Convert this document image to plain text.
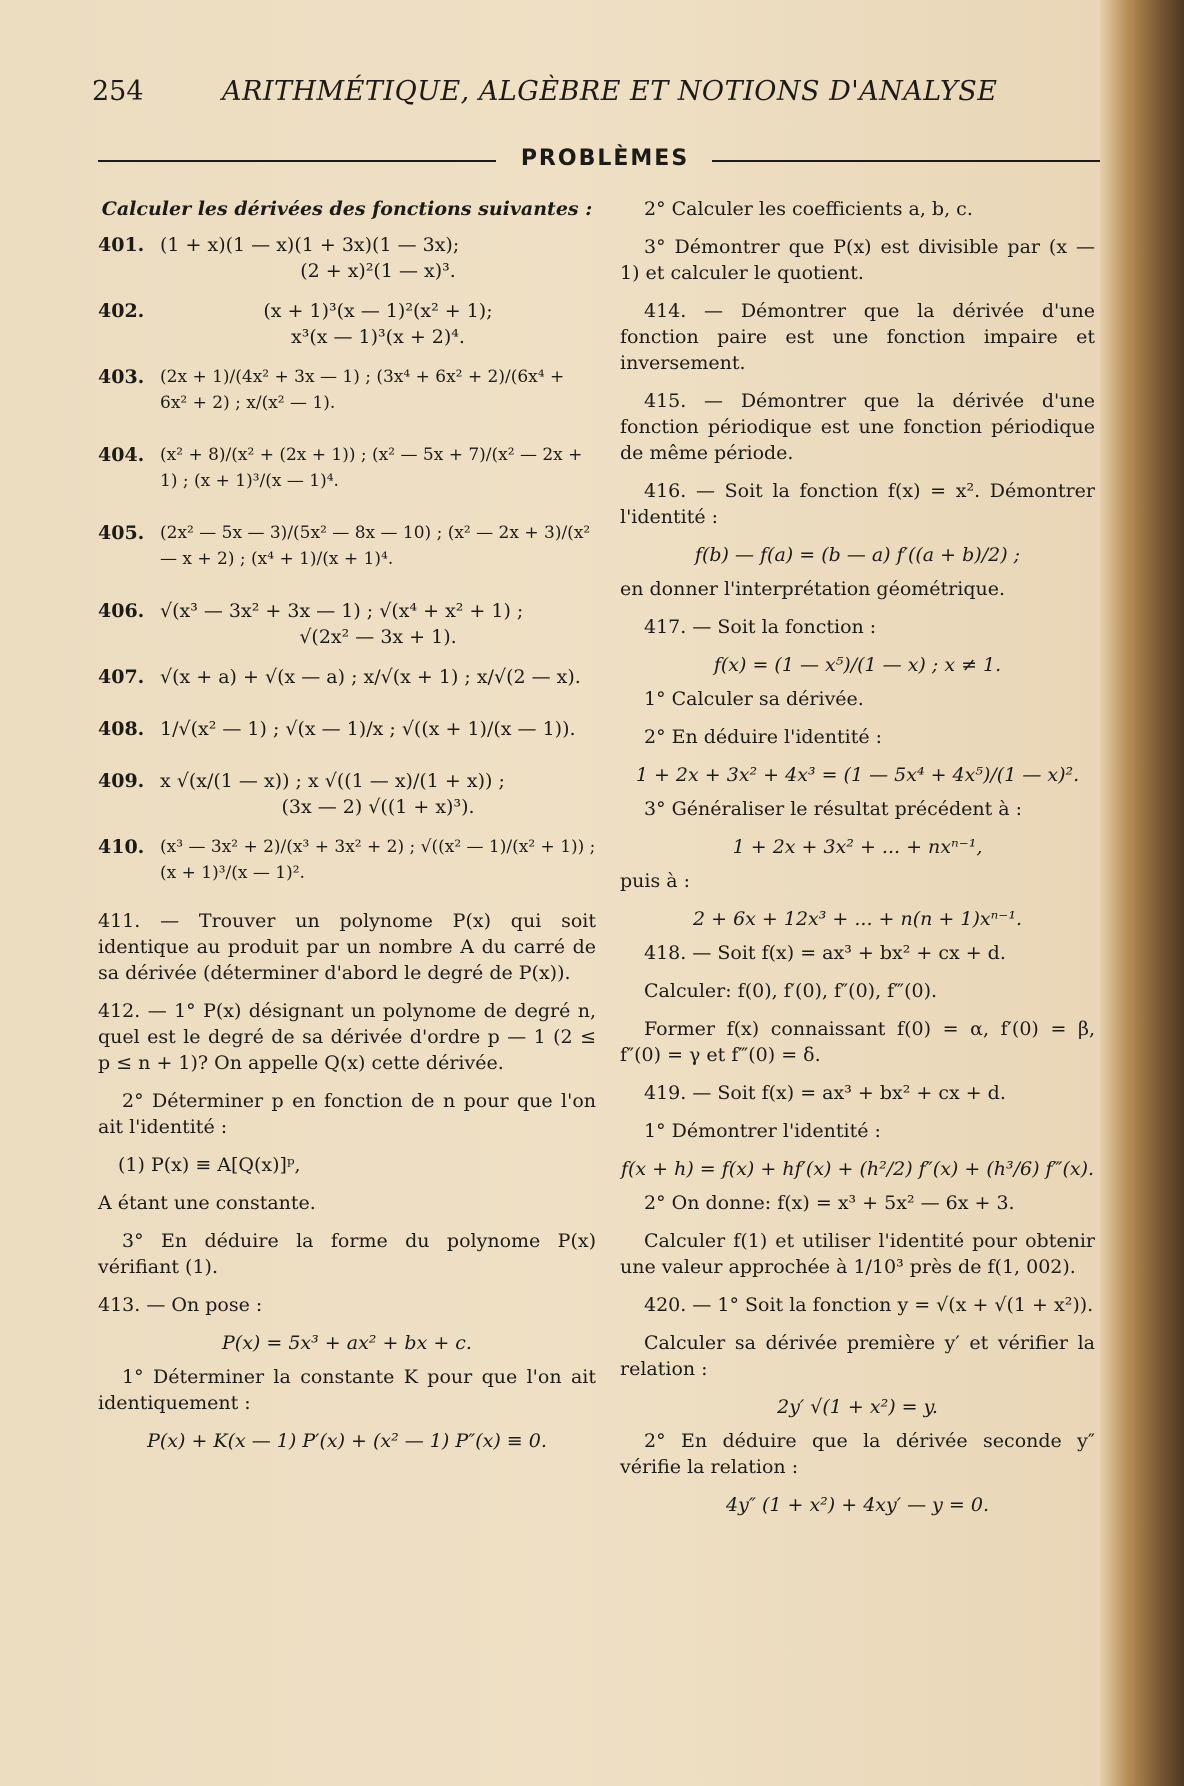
254	ARITHMÉTIQUE, ALGÈBRE ET NOTIONS D'ANALYSE
PROBLÈMES
Calculer les dérivées des fonctions suivantes :
401. (1 + x)(1 — x)(1 + 3x)(1 — 3x);
(2 + x)²(1 — x)³.
402.	(x + 1)³(x — 1)²(x² + 1);
x³(x — 1)³(x + 2)⁴.
403. (2x + 1)/(4x² + 3x — 1) ; (3x⁴ + 6x² + 2)/(6x⁴ + 6x² + 2) ; x/(x² — 1).
404. (x² + 8)/(x² + (2x + 1)) ; (x² — 5x + 7)/(x² — 2x + 1) ; (x + 1)³/(x — 1)⁴.
405. (2x² — 5x — 3)/(5x² — 8x — 10) ; (x² — 2x + 3)/(x² — x + 2) ; (x⁴ + 1)/(x + 1)⁴.
406. √(x³ — 3x² + 3x — 1) ; √(x⁴ + x² + 1) ;
√(2x² — 3x + 1).
407. √(x + a) + √(x — a) ; x/√(x + 1) ; x/√(2 — x).
408. 1/√(x² — 1) ; √(x — 1)/x ; √((x + 1)/(x — 1)).
409. x √(x/(1 — x)) ; x √((1 — x)/(1 + x)) ;
(3x — 2) √((1 + x)³).
410. (x³ — 3x² + 2)/(x³ + 3x² + 2) ; √((x² — 1)/(x² + 1)) ; (x + 1)³/(x — 1)².

411. — Trouver un polynome P(x) qui soit identique au produit par un nombre A du carré de sa dérivée (déterminer d'abord le degré de P(x)).

412. — 1° P(x) désignant un polynome de degré n, quel est le degré de sa dérivée d'ordre p — 1 (2 ≤ p ≤ n + 1)? On appelle Q(x) cette dérivée.

2° Déterminer p en fonction de n pour que l'on ait l'identité :

(1) P(x) ≡ A[Q(x)]ᵖ,

A étant une constante.

3° En déduire la forme du polynome P(x) vérifiant (1).

413. — On pose :

P(x) = 5x³ + ax² + bx + c.

1° Déterminer la constante K pour que l'on ait identiquement :

P(x) + K(x — 1) P′(x) + (x² — 1) P″(x) ≡ 0.

2° Calculer les coefficients a, b, c.

3° Démontrer que P(x) est divisible par (x — 1) et calculer le quotient.

414. — Démontrer que la dérivée d'une fonction paire est une fonction impaire et inversement.

415. — Démontrer que la dérivée d'une fonction périodique est une fonction périodique de même période.

416. — Soit la fonction f(x) = x². Démontrer l'identité :

f(b) — f(a) = (b — a) f′((a + b)/2) ;

en donner l'interprétation géométrique.

417. — Soit la fonction :

f(x) = (1 — x⁵)/(1 — x) ; x ≠ 1.

1° Calculer sa dérivée.

2° En déduire l'identité :

1 + 2x + 3x² + 4x³ = (1 — 5x⁴ + 4x⁵)/(1 — x)².

3° Généraliser le résultat précédent à :

1 + 2x + 3x² + ... + nxⁿ⁻¹,

puis à :

2 + 6x + 12x³ + ... + n(n + 1)xⁿ⁻¹.

418. — Soit f(x) = ax³ + bx² + cx + d.

Calculer: f(0), f′(0), f″(0), f‴(0).

Former f(x) connaissant f(0) = α, f′(0) = β, f″(0) = γ et f‴(0) = δ.

419. — Soit f(x) = ax³ + bx² + cx + d.

1° Démontrer l'identité :

f(x + h) = f(x) + hf′(x) + (h²/2) f″(x) + (h³/6) f‴(x).

2° On donne: f(x) = x³ + 5x² — 6x + 3.

Calculer f(1) et utiliser l'identité pour obtenir une valeur approchée à 1/10³ près de f(1, 002).

420. — 1° Soit la fonction y = √(x + √(1 + x²)).

Calculer sa dérivée première y′ et vérifier la relation :

2y′ √(1 + x²) = y.

2° En déduire que la dérivée seconde y″ vérifie la relation :

4y″ (1 + x²) + 4xy′ — y = 0.
